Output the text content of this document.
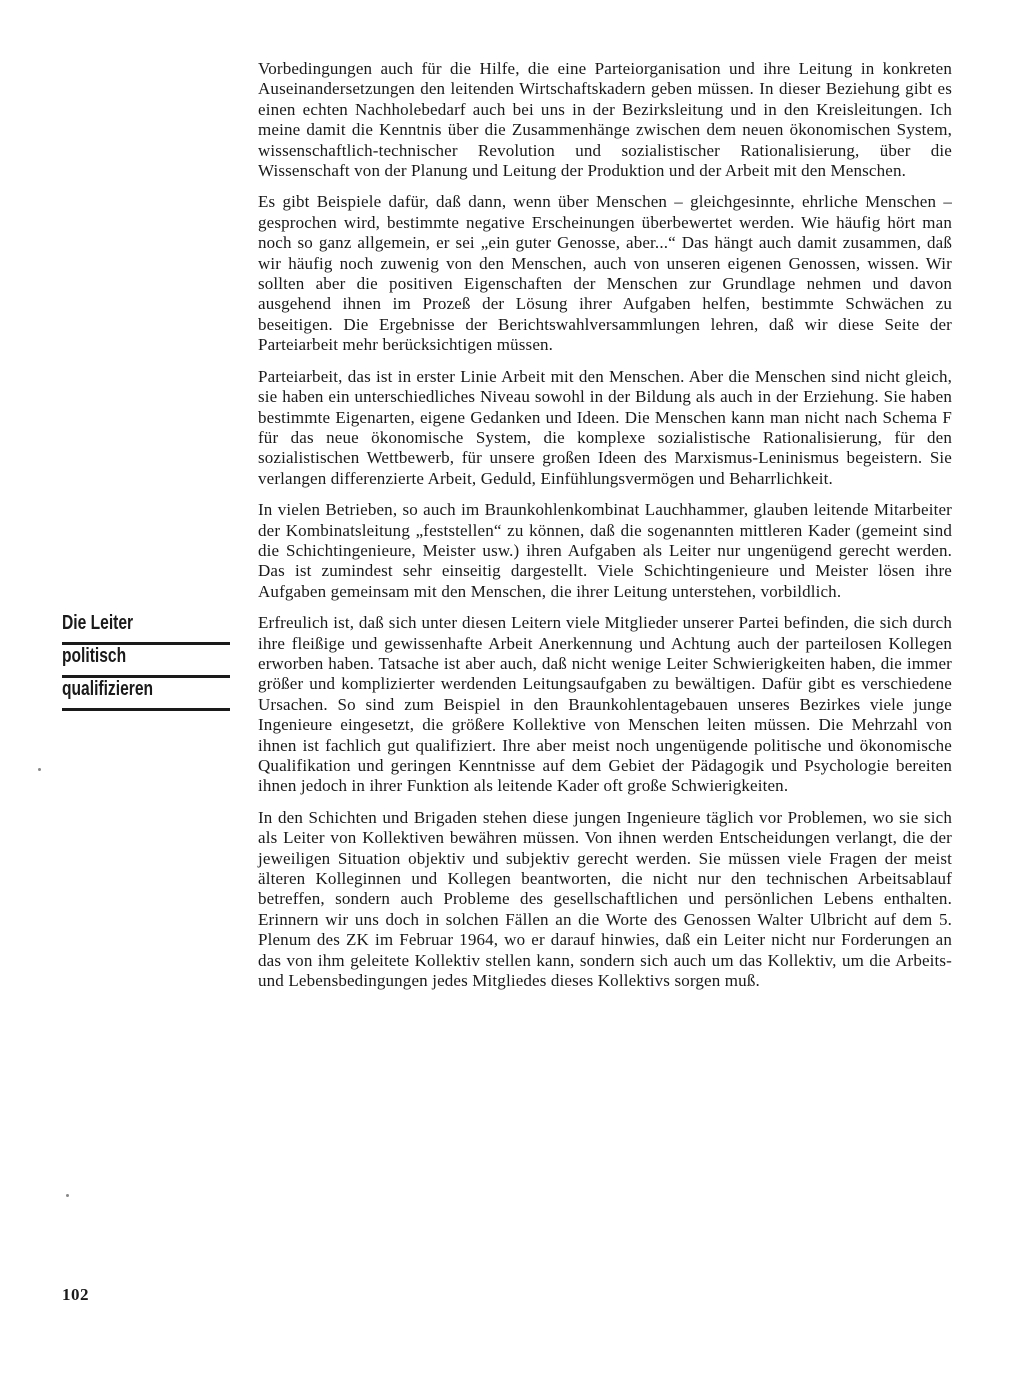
Vorbedingungen auch für die Hilfe, die eine Parteiorganisation und ihre Leitung in konkreten Auseinandersetzungen den leitenden Wirtschaftskadern geben müssen. In dieser Beziehung gibt es einen echten Nachholebedarf auch bei uns in der Bezirksleitung und in den Kreisleitungen. Ich meine damit die Kenntnis über die Zusammenhänge zwischen dem neuen ökonomischen System, wissenschaftlich-technischer Revolution und sozialistischer Rationalisierung, über die Wissenschaft von der Planung und Leitung der Produktion und der Arbeit mit den Menschen.

Es gibt Beispiele dafür, daß dann, wenn über Menschen – gleichgesinnte, ehrliche Menschen – gesprochen wird, bestimmte negative Erscheinungen überbewertet werden. Wie häufig hört man noch so ganz allgemein, er sei „ein guter Genosse, aber...“ Das hängt auch damit zusammen, daß wir häufig noch zuwenig von den Menschen, auch von unseren eigenen Genossen, wissen. Wir sollten aber die positiven Eigenschaften der Menschen zur Grundlage nehmen und davon ausgehend ihnen im Prozeß der Lösung ihrer Aufgaben helfen, bestimmte Schwächen zu beseitigen. Die Ergebnisse der Berichtswahlversammlungen lehren, daß wir diese Seite der Parteiarbeit mehr berücksichtigen müssen.

Parteiarbeit, das ist in erster Linie Arbeit mit den Menschen. Aber die Menschen sind nicht gleich, sie haben ein unterschiedliches Niveau sowohl in der Bildung als auch in der Erziehung. Sie haben bestimmte Eigenarten, eigene Gedanken und Ideen. Die Menschen kann man nicht nach Schema F für das neue ökonomische System, die komplexe sozialistische Rationalisierung, für den sozialistischen Wettbewerb, für unsere großen Ideen des Marxismus-Leninismus begeistern. Sie verlangen differenzierte Arbeit, Geduld, Einfühlungsvermögen und Beharrlichkeit.

In vielen Betrieben, so auch im Braunkohlenkombinat Lauchhammer, glauben leitende Mitarbeiter der Kombinatsleitung „feststellen“ zu können, daß die sogenannten mittleren Kader (gemeint sind die Schichtingenieure, Meister usw.) ihren Aufgaben als Leiter nur ungenügend gerecht werden. Das ist zumindest sehr einseitig dargestellt. Viele Schichtingenieure und Meister lösen ihre Aufgaben gemeinsam mit den Menschen, die ihrer Leitung unterstehen, vorbildlich.

Erfreulich ist, daß sich unter diesen Leitern viele Mitglieder unserer Partei befinden, die sich durch ihre fleißige und gewissenhafte Arbeit Anerkennung und Achtung auch der parteilosen Kollegen erworben haben. Tatsache ist aber auch, daß nicht wenige Leiter Schwierigkeiten haben, die immer größer und komplizierter werdenden Leitungsaufgaben zu bewältigen. Dafür gibt es verschiedene Ursachen. So sind zum Beispiel in den Braunkohlentagebauen unseres Bezirkes viele junge Ingenieure eingesetzt, die größere Kollektive von Menschen leiten müssen. Die Mehrzahl von ihnen ist fachlich gut qualifiziert. Ihre aber meist noch ungenügende politische und ökonomische Qualifikation und geringen Kenntnisse auf dem Gebiet der Pädagogik und Psychologie bereiten ihnen jedoch in ihrer Funktion als leitende Kader oft große Schwierigkeiten.

In den Schichten und Brigaden stehen diese jungen Ingenieure täglich vor Problemen, wo sie sich als Leiter von Kollektiven bewähren müssen. Von ihnen werden Entscheidungen verlangt, die der jeweiligen Situation objektiv und subjektiv gerecht werden. Sie müssen viele Fragen der meist älteren Kolleginnen und Kollegen beantworten, die nicht nur den technischen Arbeitsablauf betreffen, sondern auch Probleme des gesellschaftlichen und persönlichen Lebens enthalten. Erinnern wir uns doch in solchen Fällen an die Worte des Genossen Walter Ulbricht auf dem 5. Plenum des ZK im Februar 1964, wo er darauf hinwies, daß ein Leiter nicht nur Forderungen an das von ihm geleitete Kollektiv stellen kann, sondern sich auch um das Kollektiv, um die Arbeits- und Lebensbedingungen jedes Mitgliedes dieses Kollektivs sorgen muß.

Die Leiter

politisch

qualifizieren
102
